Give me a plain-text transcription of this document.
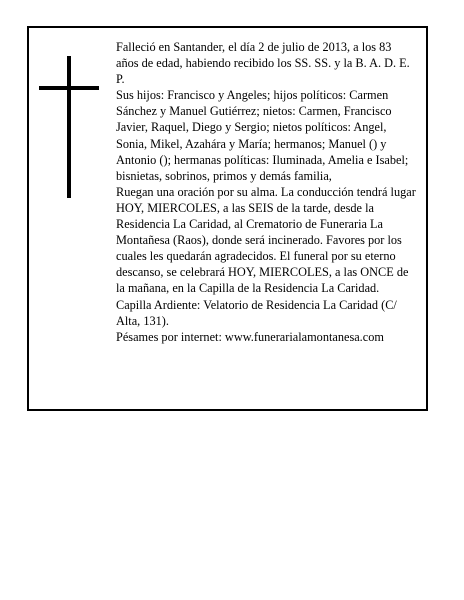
Falleció en Santander, el día 2 de julio de 2013, a los 83 años de edad, habiendo recibido los SS. SS. y la B. A. D. E. P.

Sus hijos: Francisco y Angeles; hijos políticos: Carmen Sánchez y Manuel Gutiérrez; nietos: Carmen, Francisco Javier, Raquel, Diego y Sergio; nietos políticos: Angel, Sonia, Mikel, Azahára y María; hermanos; Manuel () y Antonio (); hermanas políticas: Iluminada, Amelia e Isabel; bisnietas, sobrinos, primos y demás familia,

Ruegan una oración por su alma. La conducción tendrá lugar HOY, MIERCOLES, a las SEIS de la tarde, desde la Residencia La Caridad, al Crematorio de Funeraria La Montañesa (Raos), donde será incinerado. Favores por los cuales les quedarán agradecidos. El funeral por su eterno descanso, se celebrará HOY, MIERCOLES, a las ONCE de la mañana, en la Capilla de la Residencia La Caridad. Capilla Ardiente: Velatorio de Residencia La Caridad (C/ Alta, 131).

Pésames por internet: www.funerarialamontanesa.com
